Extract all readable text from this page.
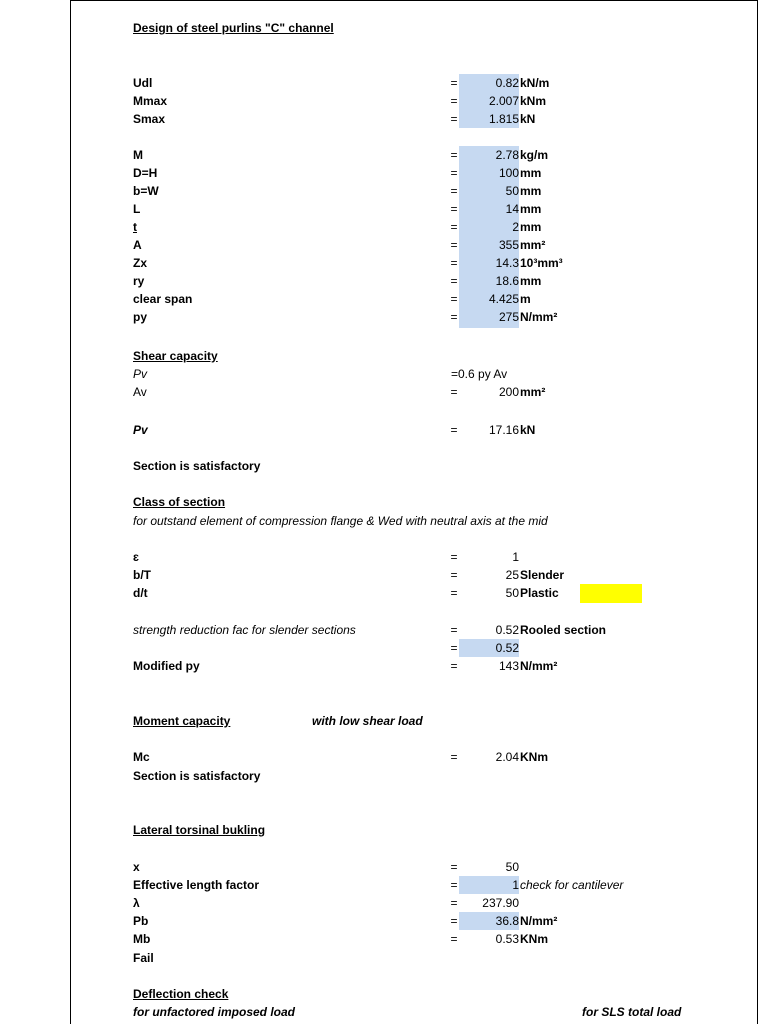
Design of steel purlins "C" channel
Udl	=	0.82 kN/m
Mmax	=	2.007 kNm
Smax	=	1.815 kN
M	=	2.78 kg/m
D=H	=	100 mm
b=W	=	50 mm
L	=	14 mm
t	=	2 mm
A	=	355 mm²
Zx	=	14.3 10³mm³
ry	=	18.6 mm
clear span	=	4.425 m
py	=	275 N/mm²
Shear capacity
Pv	=0.6 py Av
Av	=	200 mm²
Pv	=	17.16 kN
Section is satisfactory
Class of section
for outstand element of compression flange & Wed with neutral axis at the mid
ɛ	=	1
b/T	=	25 Slender
d/t	=	50 Plastic
strength reduction fac for slender sections	=	0.52 Rooled section
=	0.52
Modified py	=	143 N/mm²
Moment capacity	with low shear load
Mc	=	2.04 KNm
Section is satisfactory
Lateral torsinal bukling
x	=	50
Effective length factor	=	1 check for cantilever
λ	=	237.90
Pb	=	36.8 N/mm²
Mb	=	0.53 KNm
Fail
Deflection check
for unfactored imposed load	for SLS total load
